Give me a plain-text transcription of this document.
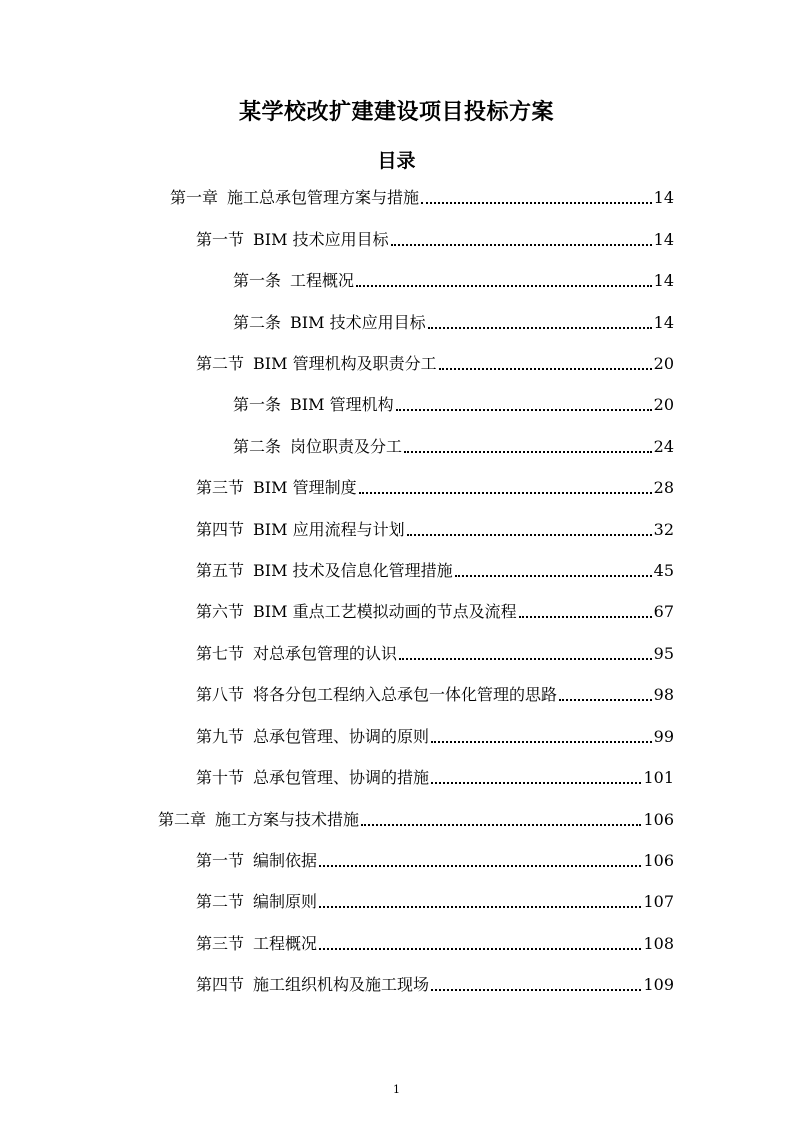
某学校改扩建建设项目投标方案
目录
第一章 施工总承包管理方案与措施	14
第一节 BIM 技术应用目标	14
第一条 工程概况	14
第二条 BIM 技术应用目标	14
第二节 BIM 管理机构及职责分工	20
第一条 BIM 管理机构	20
第二条 岗位职责及分工	24
第三节 BIM 管理制度	28
第四节 BIM 应用流程与计划	32
第五节 BIM 技术及信息化管理措施	45
第六节 BIM 重点工艺模拟动画的节点及流程	67
第七节 对总承包管理的认识	95
第八节 将各分包工程纳入总承包一体化管理的思路	98
第九节 总承包管理、协调的原则	99
第十节 总承包管理、协调的措施	101
第二章 施工方案与技术措施	106
第一节 编制依据	106
第二节 编制原则	107
第三节 工程概况	108
第四节 施工组织机构及施工现场	109
1
